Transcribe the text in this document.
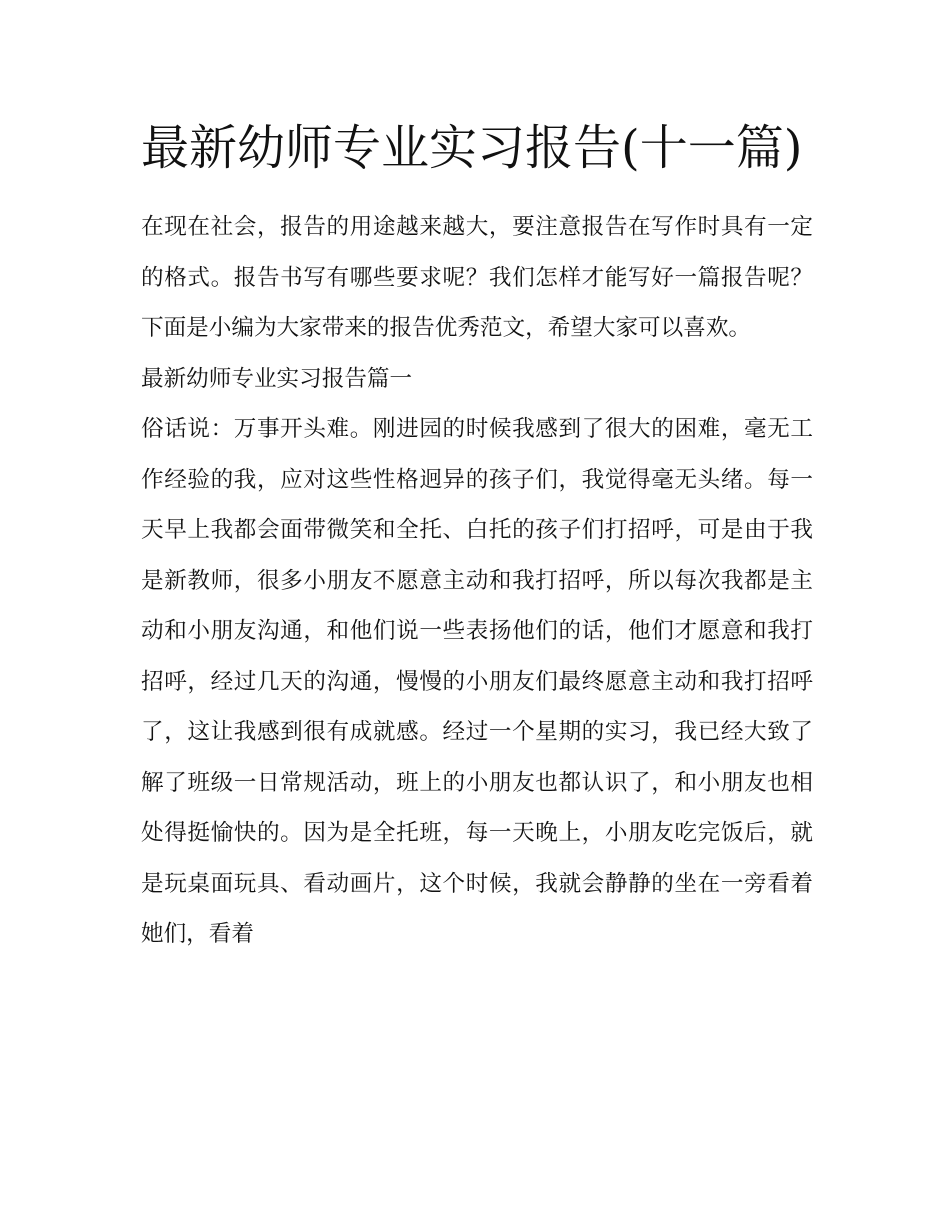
最新幼师专业实习报告(十一篇)

在现在社会，报告的用途越来越大，要注意报告在写作时具有一定的格式。报告书写有哪些要求呢？我们怎样才能写好一篇报告呢？下面是小编为大家带来的报告优秀范文，希望大家可以喜欢。

最新幼师专业实习报告篇一

俗话说：万事开头难。刚进园的时候我感到了很大的困难，毫无工作经验的我，应对这些性格迥异的孩子们，我觉得毫无头绪。每一天早上我都会面带微笑和全托、白托的孩子们打招呼，可是由于我是新教师，很多小朋友不愿意主动和我打招呼，所以每次我都是主动和小朋友沟通，和他们说一些表扬他们的话，他们才愿意和我打招呼，经过几天的沟通，慢慢的小朋友们最终愿意主动和我打招呼了，这让我感到很有成就感。经过一个星期的实习，我已经大致了解了班级一日常规活动，班上的小朋友也都认识了，和小朋友也相处得挺愉快的。因为是全托班，每一天晚上，小朋友吃完饭后，就是玩桌面玩具、看动画片，这个时候，我就会静静的坐在一旁看着她们，看着
